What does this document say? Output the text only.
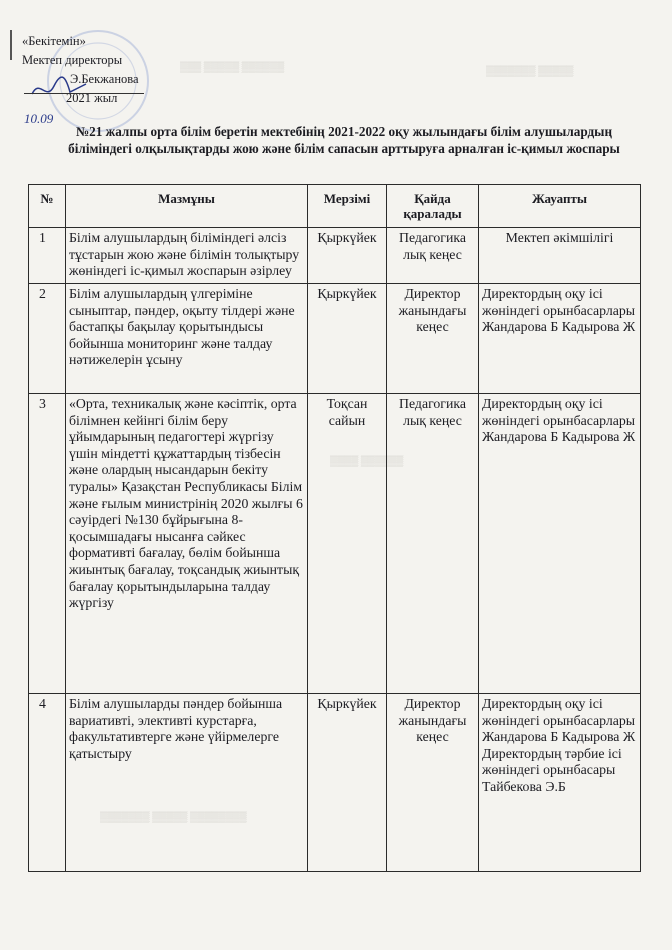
▒▒▒ ▒▒▒▒▒ ▒▒▒▒▒▒	▒▒▒▒▒▒▒ ▒▒▒▒▒
▒▒▒▒ ▒▒▒▒▒▒
▒▒▒▒▒▒▒ ▒▒▒▒▒ ▒▒▒▒▒▒▒▒
«Бекітемін»
Мектеп директоры
Э.Бекжанова
2021 жыл
10.09
№21 жалпы орта білім беретін мектебінің 2021-2022 оқу жылындағы білім алушылардың біліміндегі олқылықтарды жою және білім сапасын арттыруға арналған іс-қимыл жоспары
№	Мазмұны	Мерзімі	Қайда қаралады	Жауапты
1	Білім алушылардың біліміндегі әлсіз тұстарын жою және білімін толықтыру жөніндегі іс-қимыл жоспарын әзірлеу	Қыркүйек	Педагогика лық кеңес	Мектеп әкімшілігі
2	Білім алушылардың үлгеріміне сыныптар, пәндер, оқыту тілдері және бастапқы бақылау қорытындысы бойынша мониторинг және талдау нәтижелерін ұсыну	Қыркүйек	Директор жанындағы кеңес	Директордың оқу ісі жөніндегі орынбасарлары Жандарова Б Кадырова Ж
3	«Орта, техникалық және кәсіптік, орта білімнен кейінгі білім беру ұйымдарының педагогтері жүргізу үшін міндетті құжаттардың тізбесін және олардың нысандарын бекіту туралы» Қазақстан Республикасы Білім және ғылым министрінің 2020 жылғы 6 сәуірдегі №130 бұйрығына 8-қосымшадағы нысанға сәйкес формативті бағалау, бөлім бойынша жиынтық бағалау, тоқсандық жиынтық бағалау қорытындыларына талдау жүргізу	Тоқсан сайын	Педагогика лық кеңес	Директордың оқу ісі жөніндегі орынбасарлары Жандарова Б Кадырова Ж
4	Білім алушыларды пәндер бойынша вариативті, элективті курстарға, факультативтерге және үйірмелерге қатыстыру	Қыркүйек	Директор жанындағы кеңес	Директордың оқу ісі жөніндегі орынбасарлары Жандарова Б Кадырова Ж Директордың тәрбие ісі жөніндегі орынбасары Тайбекова Э.Б
